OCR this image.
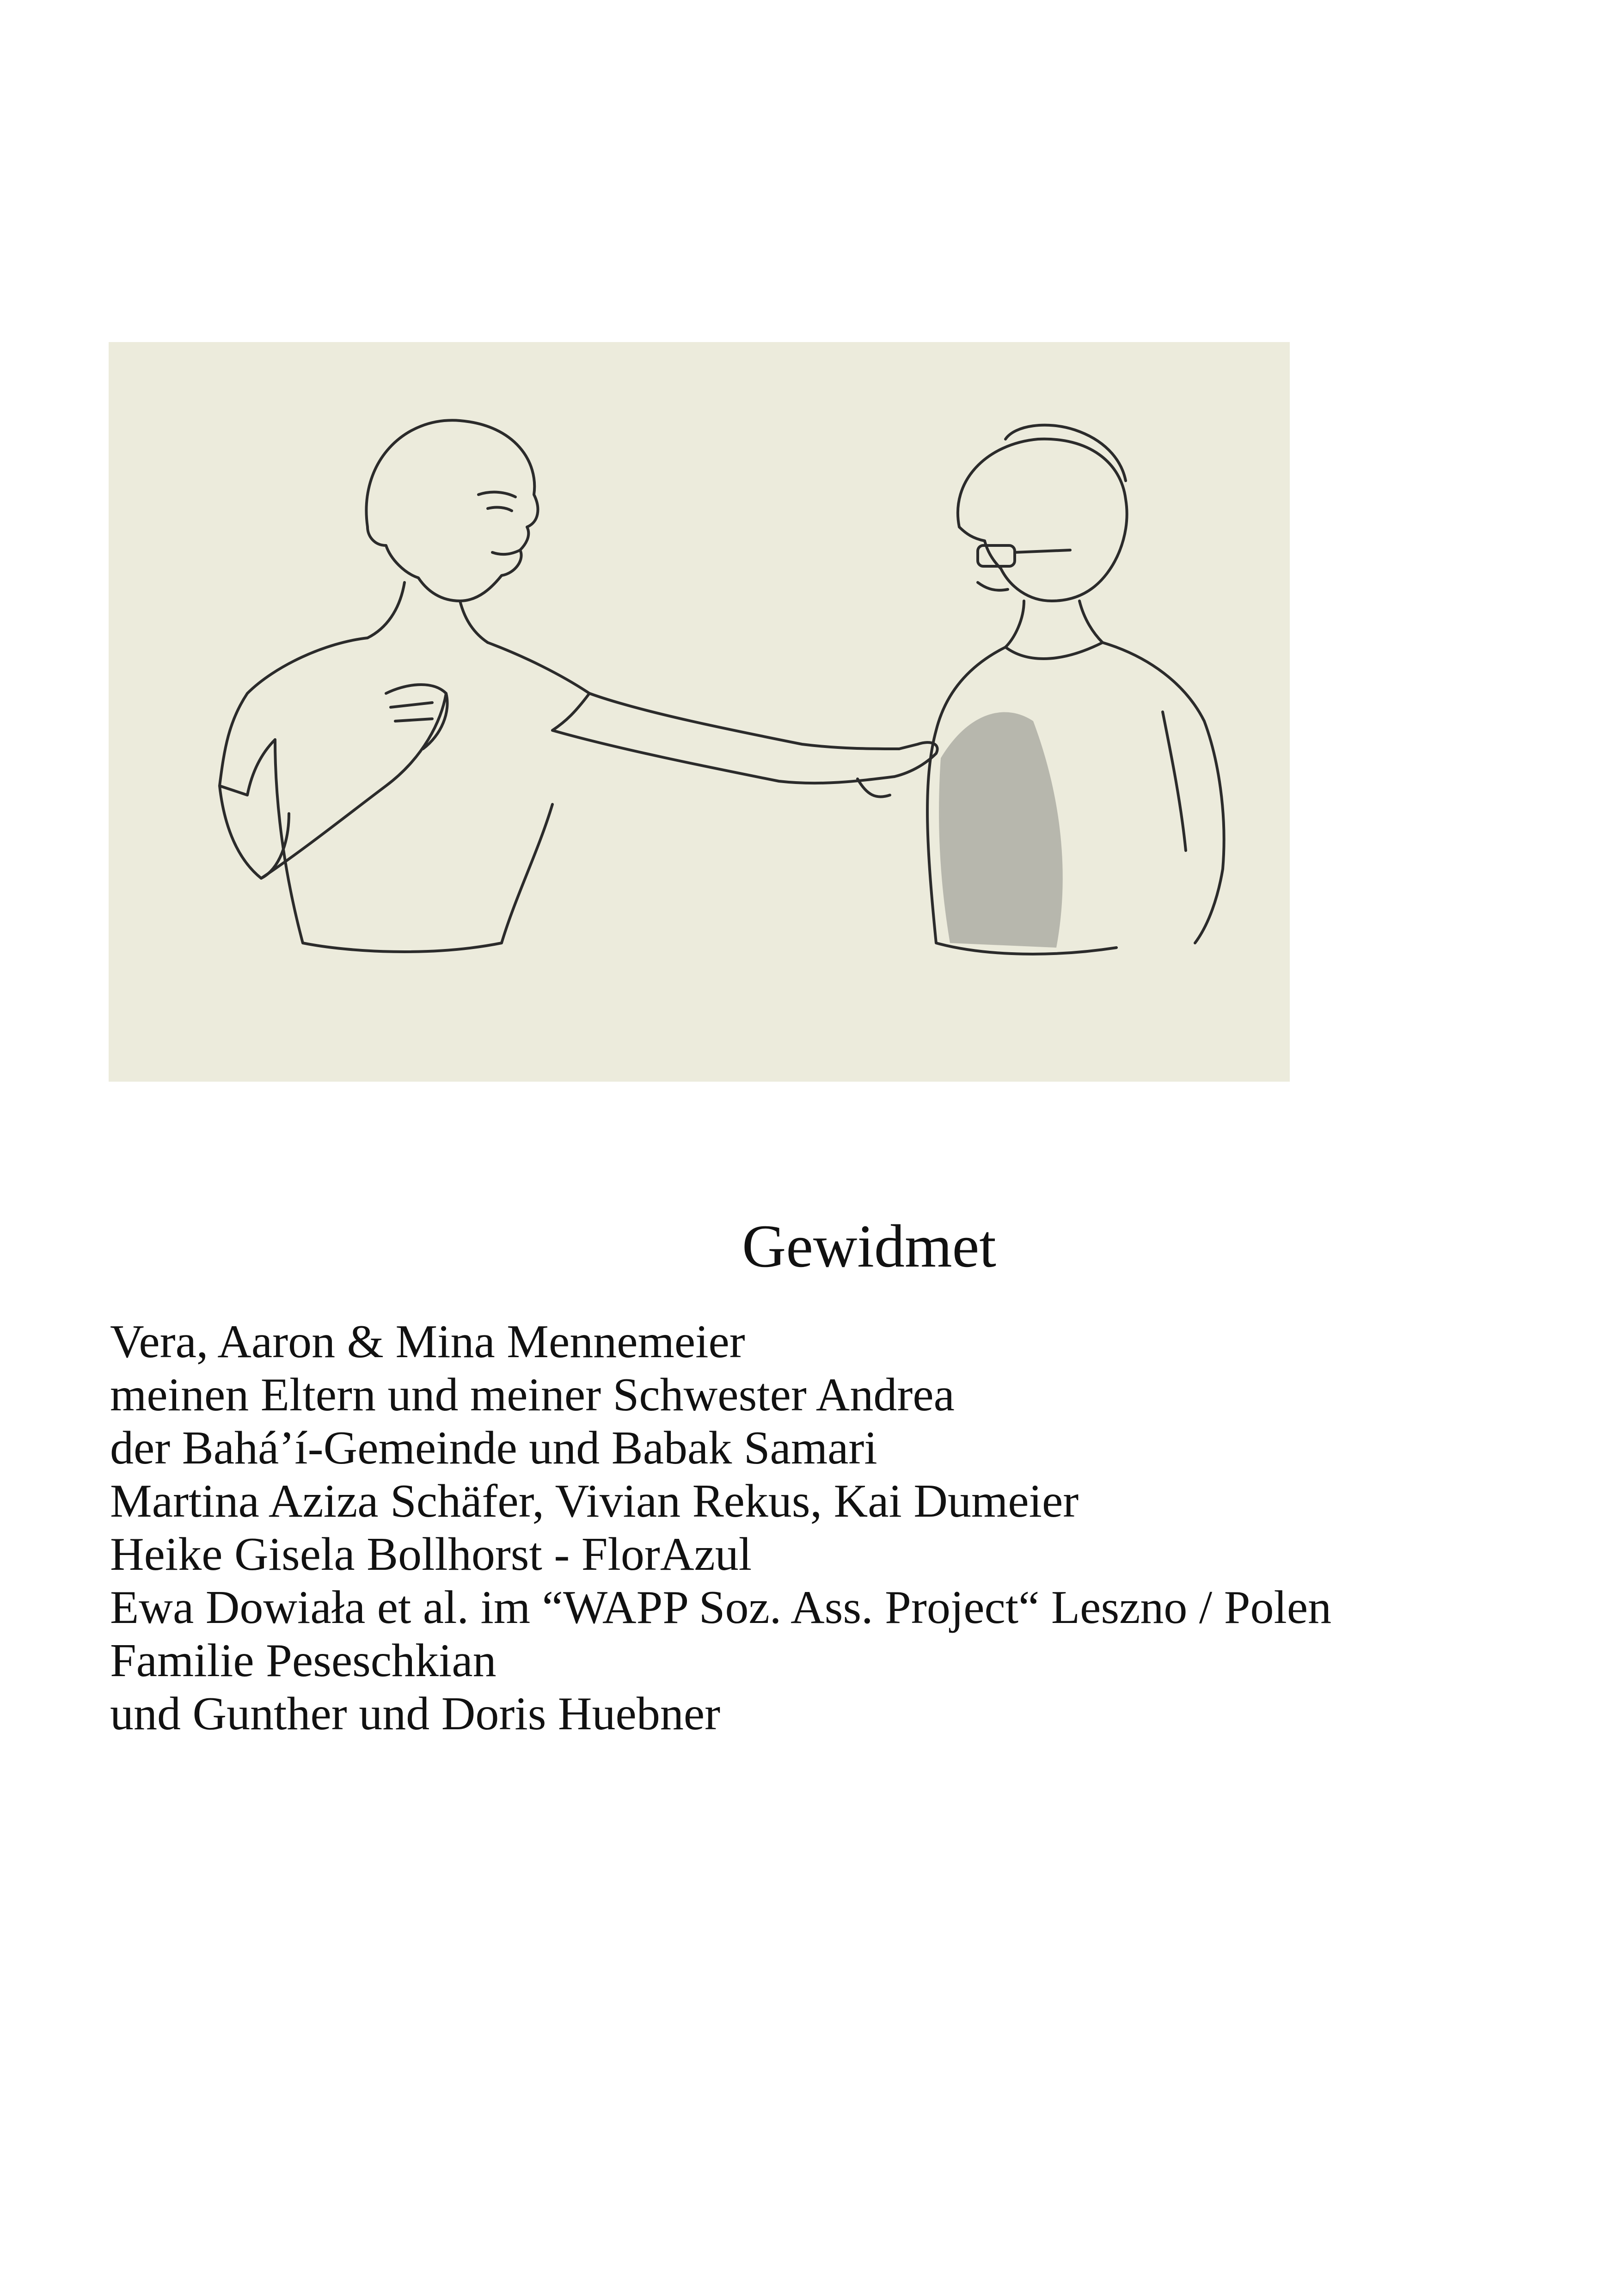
Gewidmet
Vera, Aaron & Mina Mennemeier
meinen Eltern und meiner Schwester Andrea
der Bahá’í-Gemeinde und Babak Samari
Martina Aziza Schäfer, Vivian Rekus, Kai Dumeier
Heike Gisela Bollhorst - FlorAzul
Ewa Dowiała et al. im “WAPP Soz. Ass. Project“ Leszno / Polen
Familie Peseschkian
und Gunther und Doris Huebner
